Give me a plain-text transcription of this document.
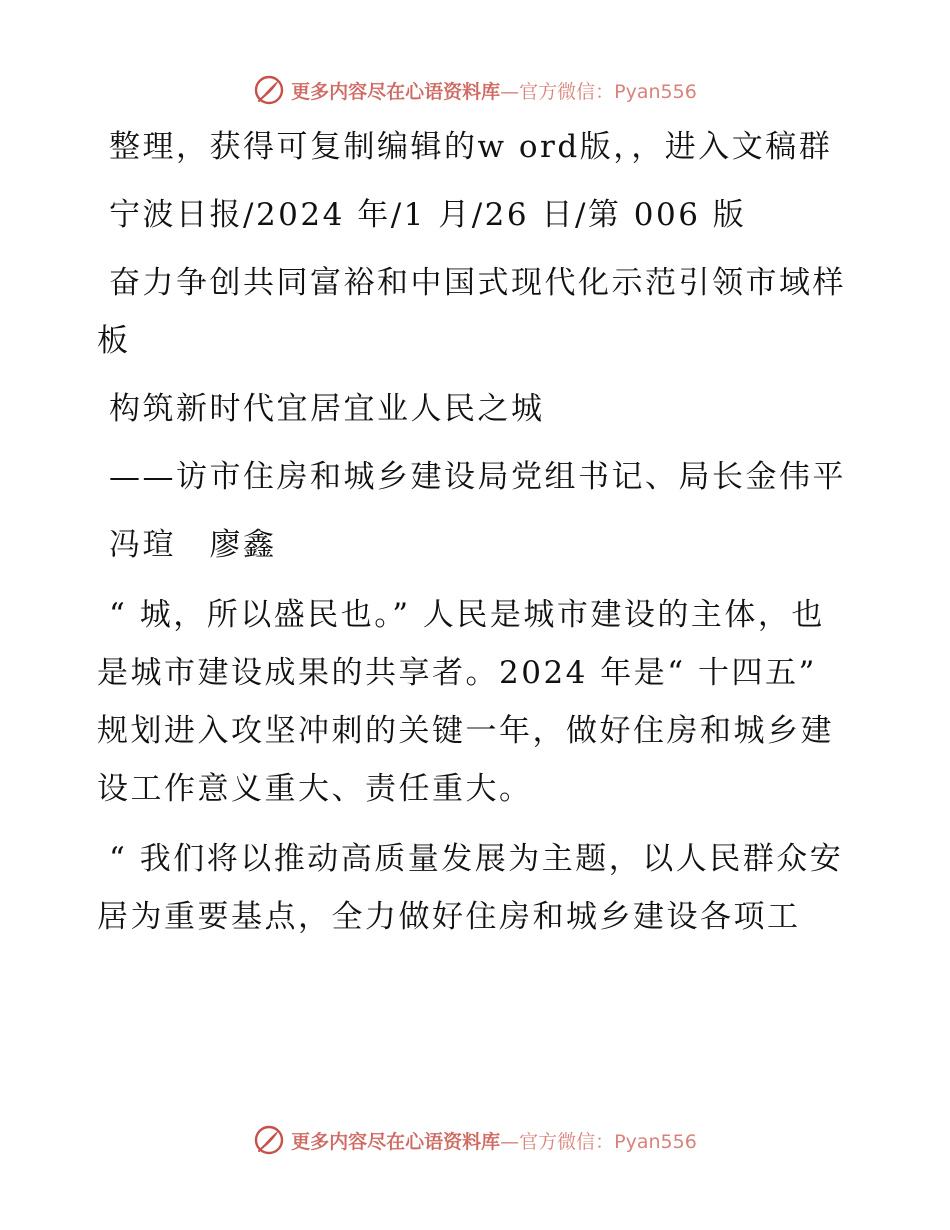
更多内容尽在心语资料库—官方微信：Pyan556

整理，获得可复制编辑的w ord版，，进入文稿群

宁波日报/2024 年/1 月/26 日/第 006 版

奋力争创共同富裕和中国式现代化示范引领市域样板

构筑新时代宜居宜业人民之城

——访市住房和城乡建设局党组书记、局长金伟平

冯瑄　廖鑫

“ 城，所以盛民也。” 人民是城市建设的主体，也是城市建设成果的共享者。2024 年是“ 十四五” 规划进入攻坚冲刺的关键一年，做好住房和城乡建设工作意义重大、责任重大。

“ 我们将以推动高质量发展为主题，以人民群众安居为重要基点，全力做好住房和城乡建设各项工

更多内容尽在心语资料库—官方微信：Pyan556
